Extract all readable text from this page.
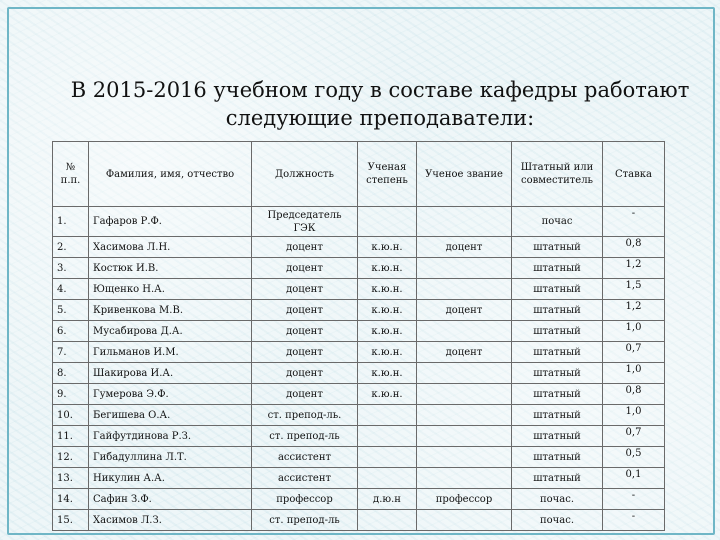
В 2015-2016 учебном году в составе кафедры работают
следующие преподаватели:
№ п.п.	Фамилия, имя, отчество	Должность	Ученая степень	Ученое звание	Штатный или совместитель	Ставка
1.	Гафаров Р.Ф.	Председатель ГЭК			почас	-
2.	Хасимова Л.Н.	доцент	к.ю.н.	доцент	штатный	0,8
3.	Костюк И.В.	доцент	к.ю.н.		штатный	1,2
4.	Ющенко Н.А.	доцент	к.ю.н.		штатный	1,5
5.	Кривенкова М.В.	доцент	к.ю.н.	доцент	штатный	1,2
6.	Мусабирова Д.А.	доцент	к.ю.н.		штатный	1,0
7.	Гильманов И.М.	доцент	к.ю.н.	доцент	штатный	0,7
8.	Шакирова И.А.	доцент	к.ю.н.		штатный	1,0
9.	Гумерова Э.Ф.	доцент	к.ю.н.		штатный	0,8
10.	Бегишева О.А.	ст. препод-ль.			штатный	1,0
11.	Гайфутдинова Р.З.	ст. препод-ль			штатный	0,7
12.	Гибадуллина Л.Т.	ассистент			штатный	0,5
13.	Никулин А.А.	ассистент			штатный	0,1
14.	Сафин З.Ф.	профессор	д.ю.н	профессор	почас.	-
15.	Хасимов Л.З.	ст. препод-ль			почас.	-
